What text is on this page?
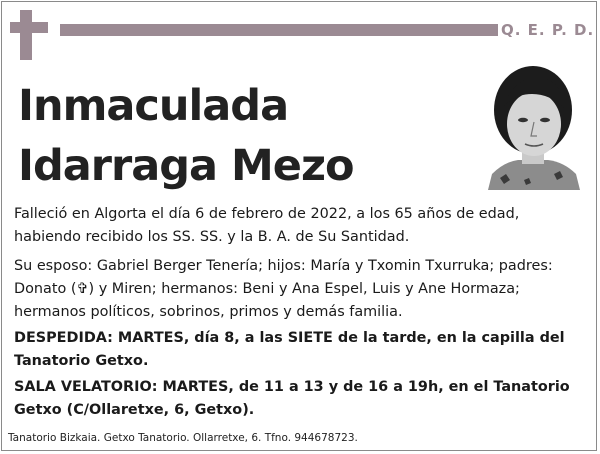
Q. E. P. D.
Inmaculada
Idarraga Mezo
Falleció en Algorta el día 6 de febrero de 2022, a los 65 años de edad, habiendo recibido los SS. SS. y la B. A. de Su Santidad.
Su esposo: Gabriel Berger Tenería; hijos: María y Txomin Txurruka; padres: Donato (✞) y Miren; hermanos: Beni y Ana Espel, Luis y Ane Hormaza; hermanos políticos, sobrinos, primos y demás familia.
DESPEDIDA: MARTES, día 8, a las SIETE de la tarde, en la capilla del Tanatorio Getxo.
SALA VELATORIO: MARTES, de 11 a 13 y de 16 a 19h, en el Tanatorio Getxo (C/Ollaretxe, 6, Getxo).
Tanatorio Bizkaia. Getxo Tanatorio. Ollarretxe, 6. Tfno. 944678723.
